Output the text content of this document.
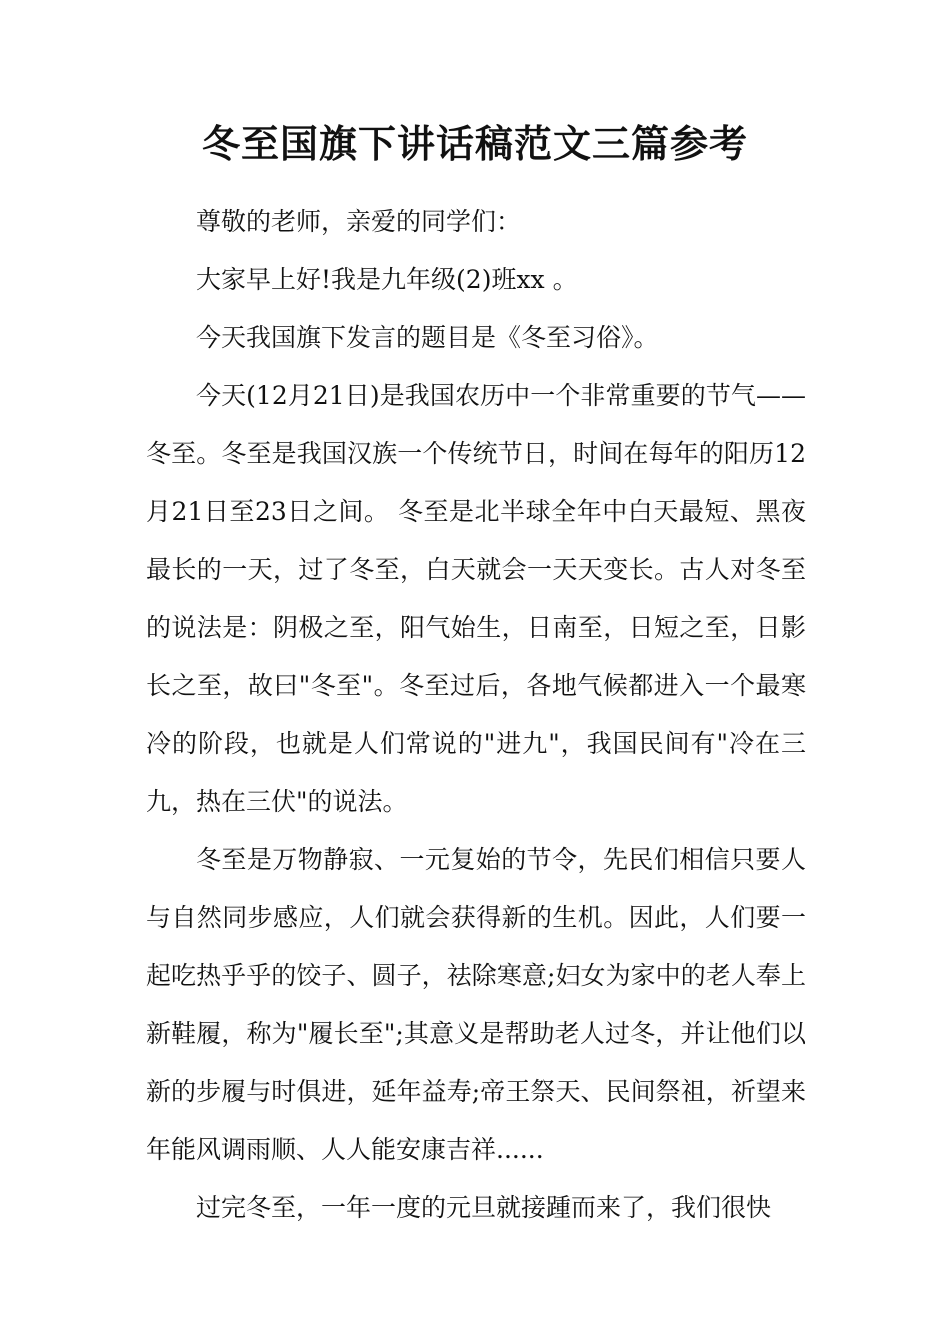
冬至国旗下讲话稿范文三篇参考

尊敬的老师，亲爱的同学们：

大家早上好!我是九年级(2)班xx 。

今天我国旗下发言的题目是《冬至习俗》。

今天(12月21日)是我国农历中一个非常重要的节气——冬至。冬至是我国汉族一个传统节日，时间在每年的阳历12月21日至23日之间。 冬至是北半球全年中白天最短、黑夜最长的一天，过了冬至，白天就会一天天变长。古人对冬至的说法是：阴极之至，阳气始生，日南至，日短之至，日影长之至，故曰"冬至"。冬至过后，各地气候都进入一个最寒冷的阶段，也就是人们常说的"进九"，我国民间有"冷在三九，热在三伏"的说法。

冬至是万物静寂、一元复始的节令，先民们相信只要人与自然同步感应，人们就会获得新的生机。因此，人们要一起吃热乎乎的饺子、圆子，祛除寒意;妇女为家中的老人奉上新鞋履，称为"履长至";其意义是帮助老人过冬，并让他们以新的步履与时俱进，延年益寿;帝王祭天、民间祭祖，祈望来年能风调雨顺、人人能安康吉祥......

过完冬至，一年一度的元旦就接踵而来了，我们很快
